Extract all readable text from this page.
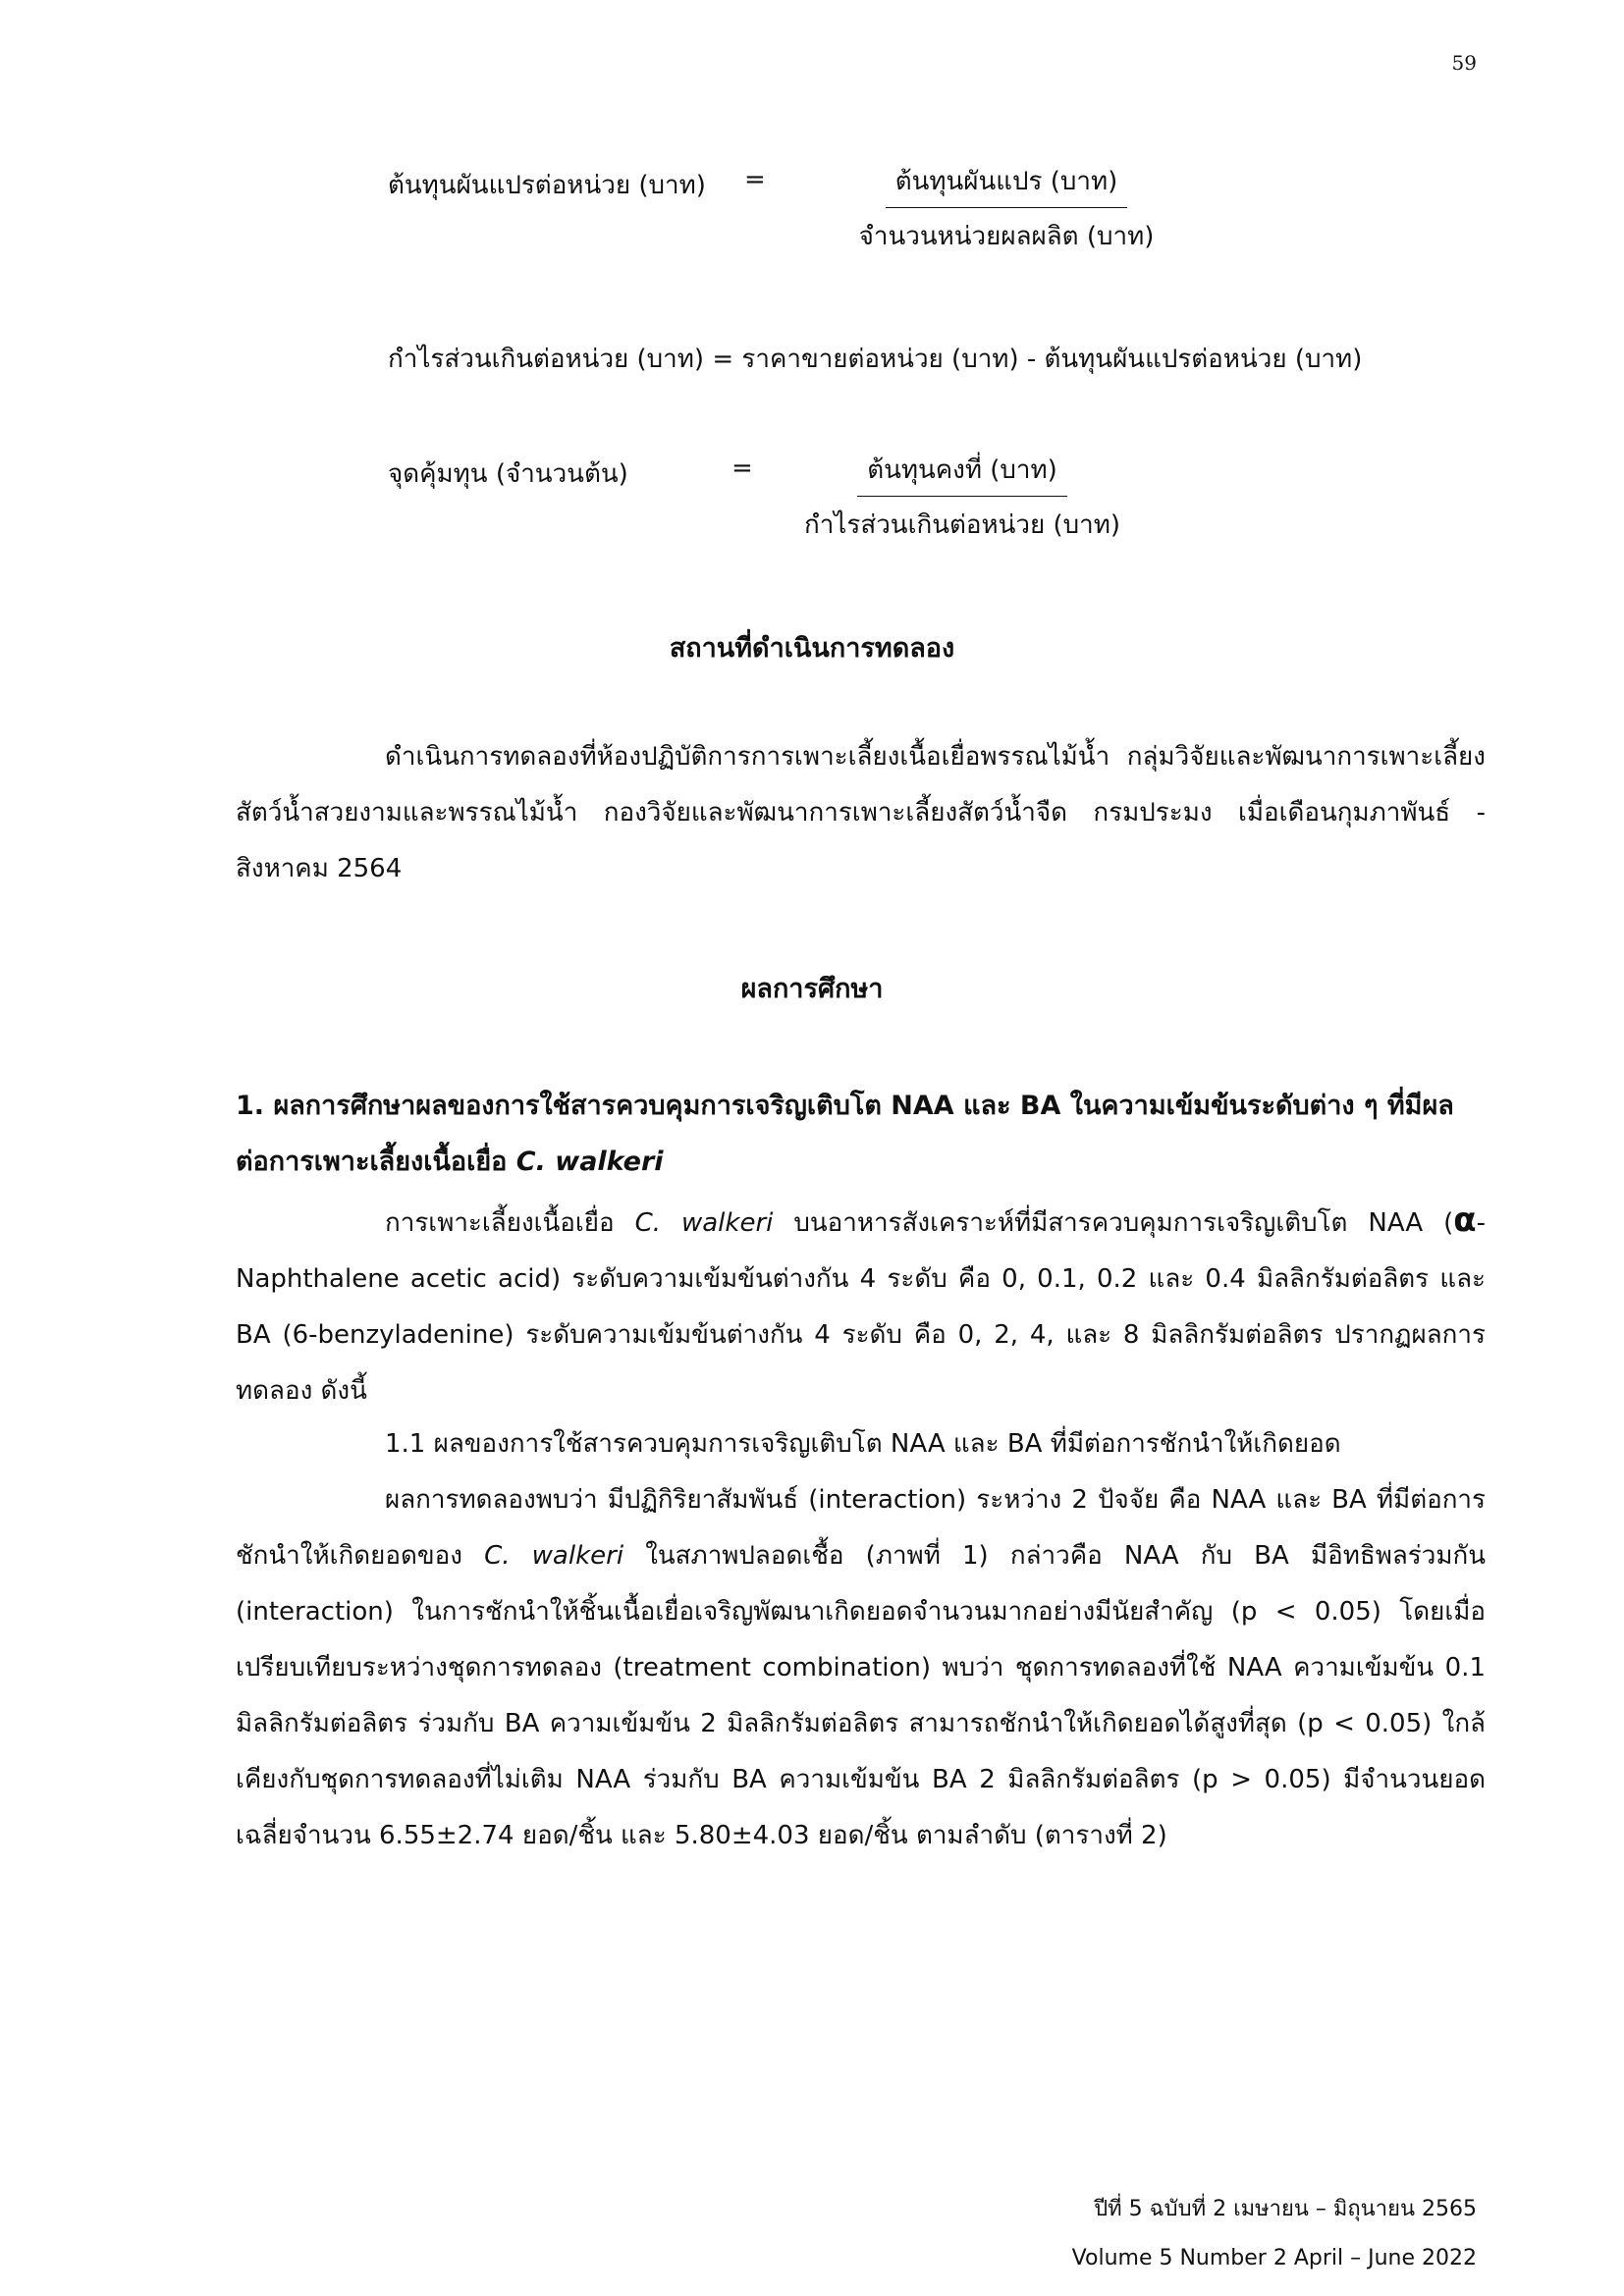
59
ต้นทุนผันแปรต่อหน่วย (บาท) =	ต้นทุนผันแปร (บาท)
จำนวนหน่วยผลผลิต (บาท)
กำไรส่วนเกินต่อหน่วย (บาท) = ราคาขายต่อหน่วย (บาท) - ต้นทุนผันแปรต่อหน่วย (บาท)
จุดคุ้มทุน (จำนวนต้น)	=	ต้นทุนคงที่ (บาท)
กำไรส่วนเกินต่อหน่วย (บาท)
สถานที่ดำเนินการทดลอง
ดำเนินการทดลองที่ห้องปฏิบัติการการเพาะเลี้ยงเนื้อเยื่อพรรณไม้น้ำ กลุ่มวิจัยและพัฒนาการเพาะเลี้ยงสัตว์น้ำสวยงามและพรรณไม้น้ำ กองวิจัยและพัฒนาการเพาะเลี้ยงสัตว์น้ำจืด กรมประมง เมื่อเดือนกุมภาพันธ์ - สิงหาคม 2564
ผลการศึกษา
1. ผลการศึกษาผลของการใช้สารควบคุมการเจริญเติบโต NAA และ BA ในความเข้มข้นระดับต่าง ๆ ที่มีผลต่อการเพาะเลี้ยงเนื้อเยื่อ C. walkeri
การเพาะเลี้ยงเนื้อเยื่อ C. walkeri บนอาหารสังเคราะห์ที่มีสารควบคุมการเจริญเติบโต NAA (α-Naphthalene acetic acid) ระดับความเข้มข้นต่างกัน 4 ระดับ คือ 0, 0.1, 0.2 และ 0.4 มิลลิกรัมต่อลิตร และ BA (6-benzyladenine) ระดับความเข้มข้นต่างกัน 4 ระดับ คือ 0, 2, 4, และ 8 มิลลิกรัมต่อลิตร ปรากฏผลการทดลอง ดังนี้
1.1 ผลของการใช้สารควบคุมการเจริญเติบโต NAA และ BA ที่มีต่อการชักนำให้เกิดยอด
ผลการทดลองพบว่า มีปฏิกิริยาสัมพันธ์ (interaction) ระหว่าง 2 ปัจจัย คือ NAA และ BA ที่มีต่อการชักนำให้เกิดยอดของ C. walkeri ในสภาพปลอดเชื้อ (ภาพที่ 1) กล่าวคือ NAA กับ BA มีอิทธิพลร่วมกัน (interaction) ในการชักนำให้ชิ้นเนื้อเยื่อเจริญพัฒนาเกิดยอดจำนวนมากอย่างมีนัยสำคัญ (p < 0.05) โดยเมื่อเปรียบเทียบระหว่างชุดการทดลอง (treatment combination) พบว่า ชุดการทดลองที่ใช้ NAA ความเข้มข้น 0.1 มิลลิกรัมต่อลิตร ร่วมกับ BA ความเข้มข้น 2 มิลลิกรัมต่อลิตร สามารถชักนำให้เกิดยอดได้สูงที่สุด (p < 0.05) ใกล้เคียงกับชุดการทดลองที่ไม่เติม NAA ร่วมกับ BA ความเข้มข้น BA 2 มิลลิกรัมต่อลิตร (p > 0.05) มีจำนวนยอดเฉลี่ยจำนวน 6.55±2.74 ยอด/ชิ้น และ 5.80±4.03 ยอด/ชิ้น ตามลำดับ (ตารางที่ 2)
ปีที่ 5 ฉบับที่ 2 เมษายน – มิถุนายน 2565
Volume 5 Number 2 April – June 2022
